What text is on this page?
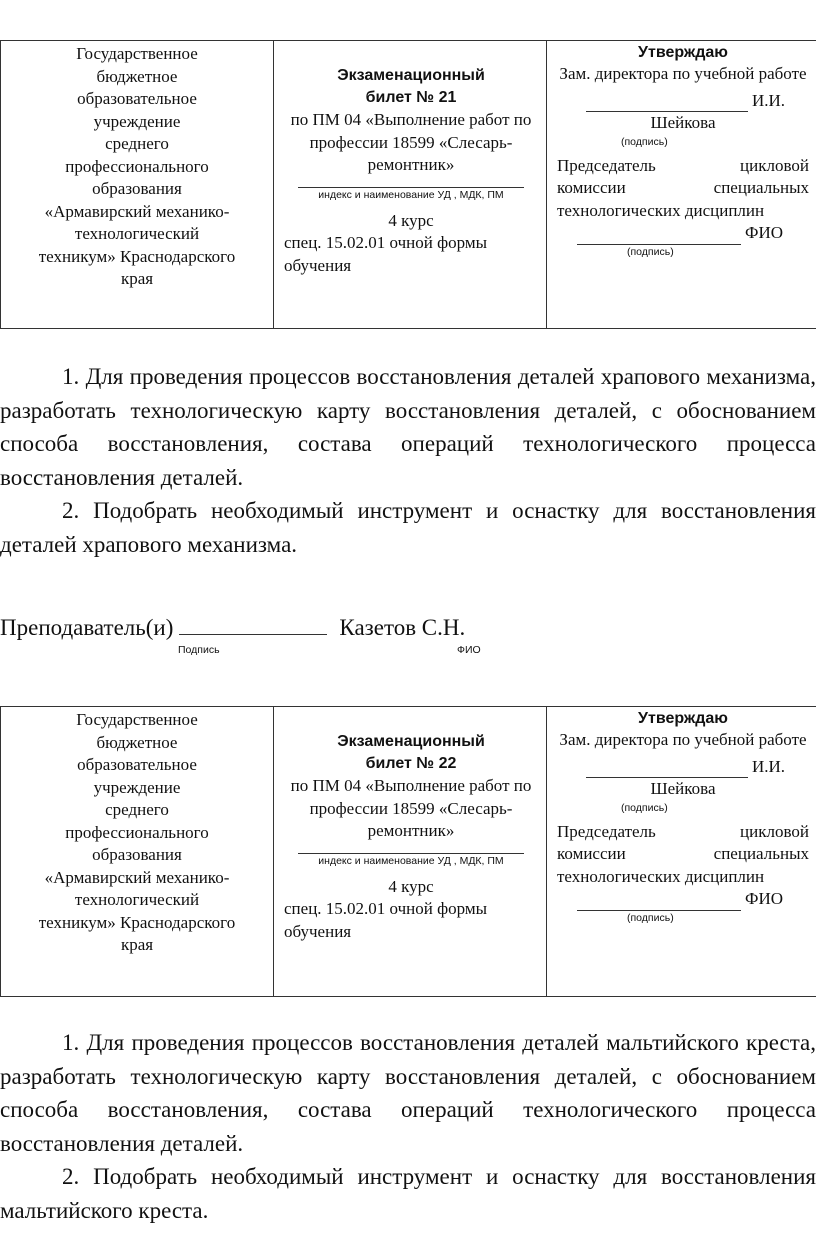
Государственное
бюджетное
образовательное
учреждение
среднего
профессионального
образования
«Армавирский механико-
технологический
техникум» Краснодарского
края

Экзаменационный
билет № 21
по ПМ 04 «Выполнение работ по профессии 18599 «Слесарь-ремонтник»
индекс и наименование УД , МДК, ПМ
4 курс
спец. 15.02.01 очной формы обучения

Утверждаю
Зам. директора по учебной работе
И.И.
Шейкова
(подпись)
Председатель	цикловой
комиссии	специальных
технологических дисциплин
ФИО
(подпись)

1. Для проведения процессов восстановления деталей храпового механизма, разработать технологическую карту восстановления деталей, с обоснованием способа восстановления, состава операций технологического процесса восстановления деталей.

2. Подобрать необходимый инструмент и оснастку для восстановления деталей храпового механизма.

Преподаватель(и)	Казетов С.Н.
Подпись	ФИО
Государственное
бюджетное
образовательное
учреждение
среднего
профессионального
образования
«Армавирский механико-
технологический
техникум» Краснодарского
края

Экзаменационный
билет № 22
по ПМ 04 «Выполнение работ по профессии 18599 «Слесарь-ремонтник»
индекс и наименование УД , МДК, ПМ
4 курс
спец. 15.02.01 очной формы обучения

Утверждаю
Зам. директора по учебной работе
И.И.
Шейкова
(подпись)
Председатель	цикловой
комиссии	специальных
технологических дисциплин
ФИО
(подпись)

1. Для проведения процессов восстановления деталей мальтийского креста, разработать технологическую карту восстановления деталей, с обоснованием способа восстановления, состава операций технологического процесса восстановления деталей.

2. Подобрать необходимый инструмент и оснастку для восстановления мальтийского креста.
